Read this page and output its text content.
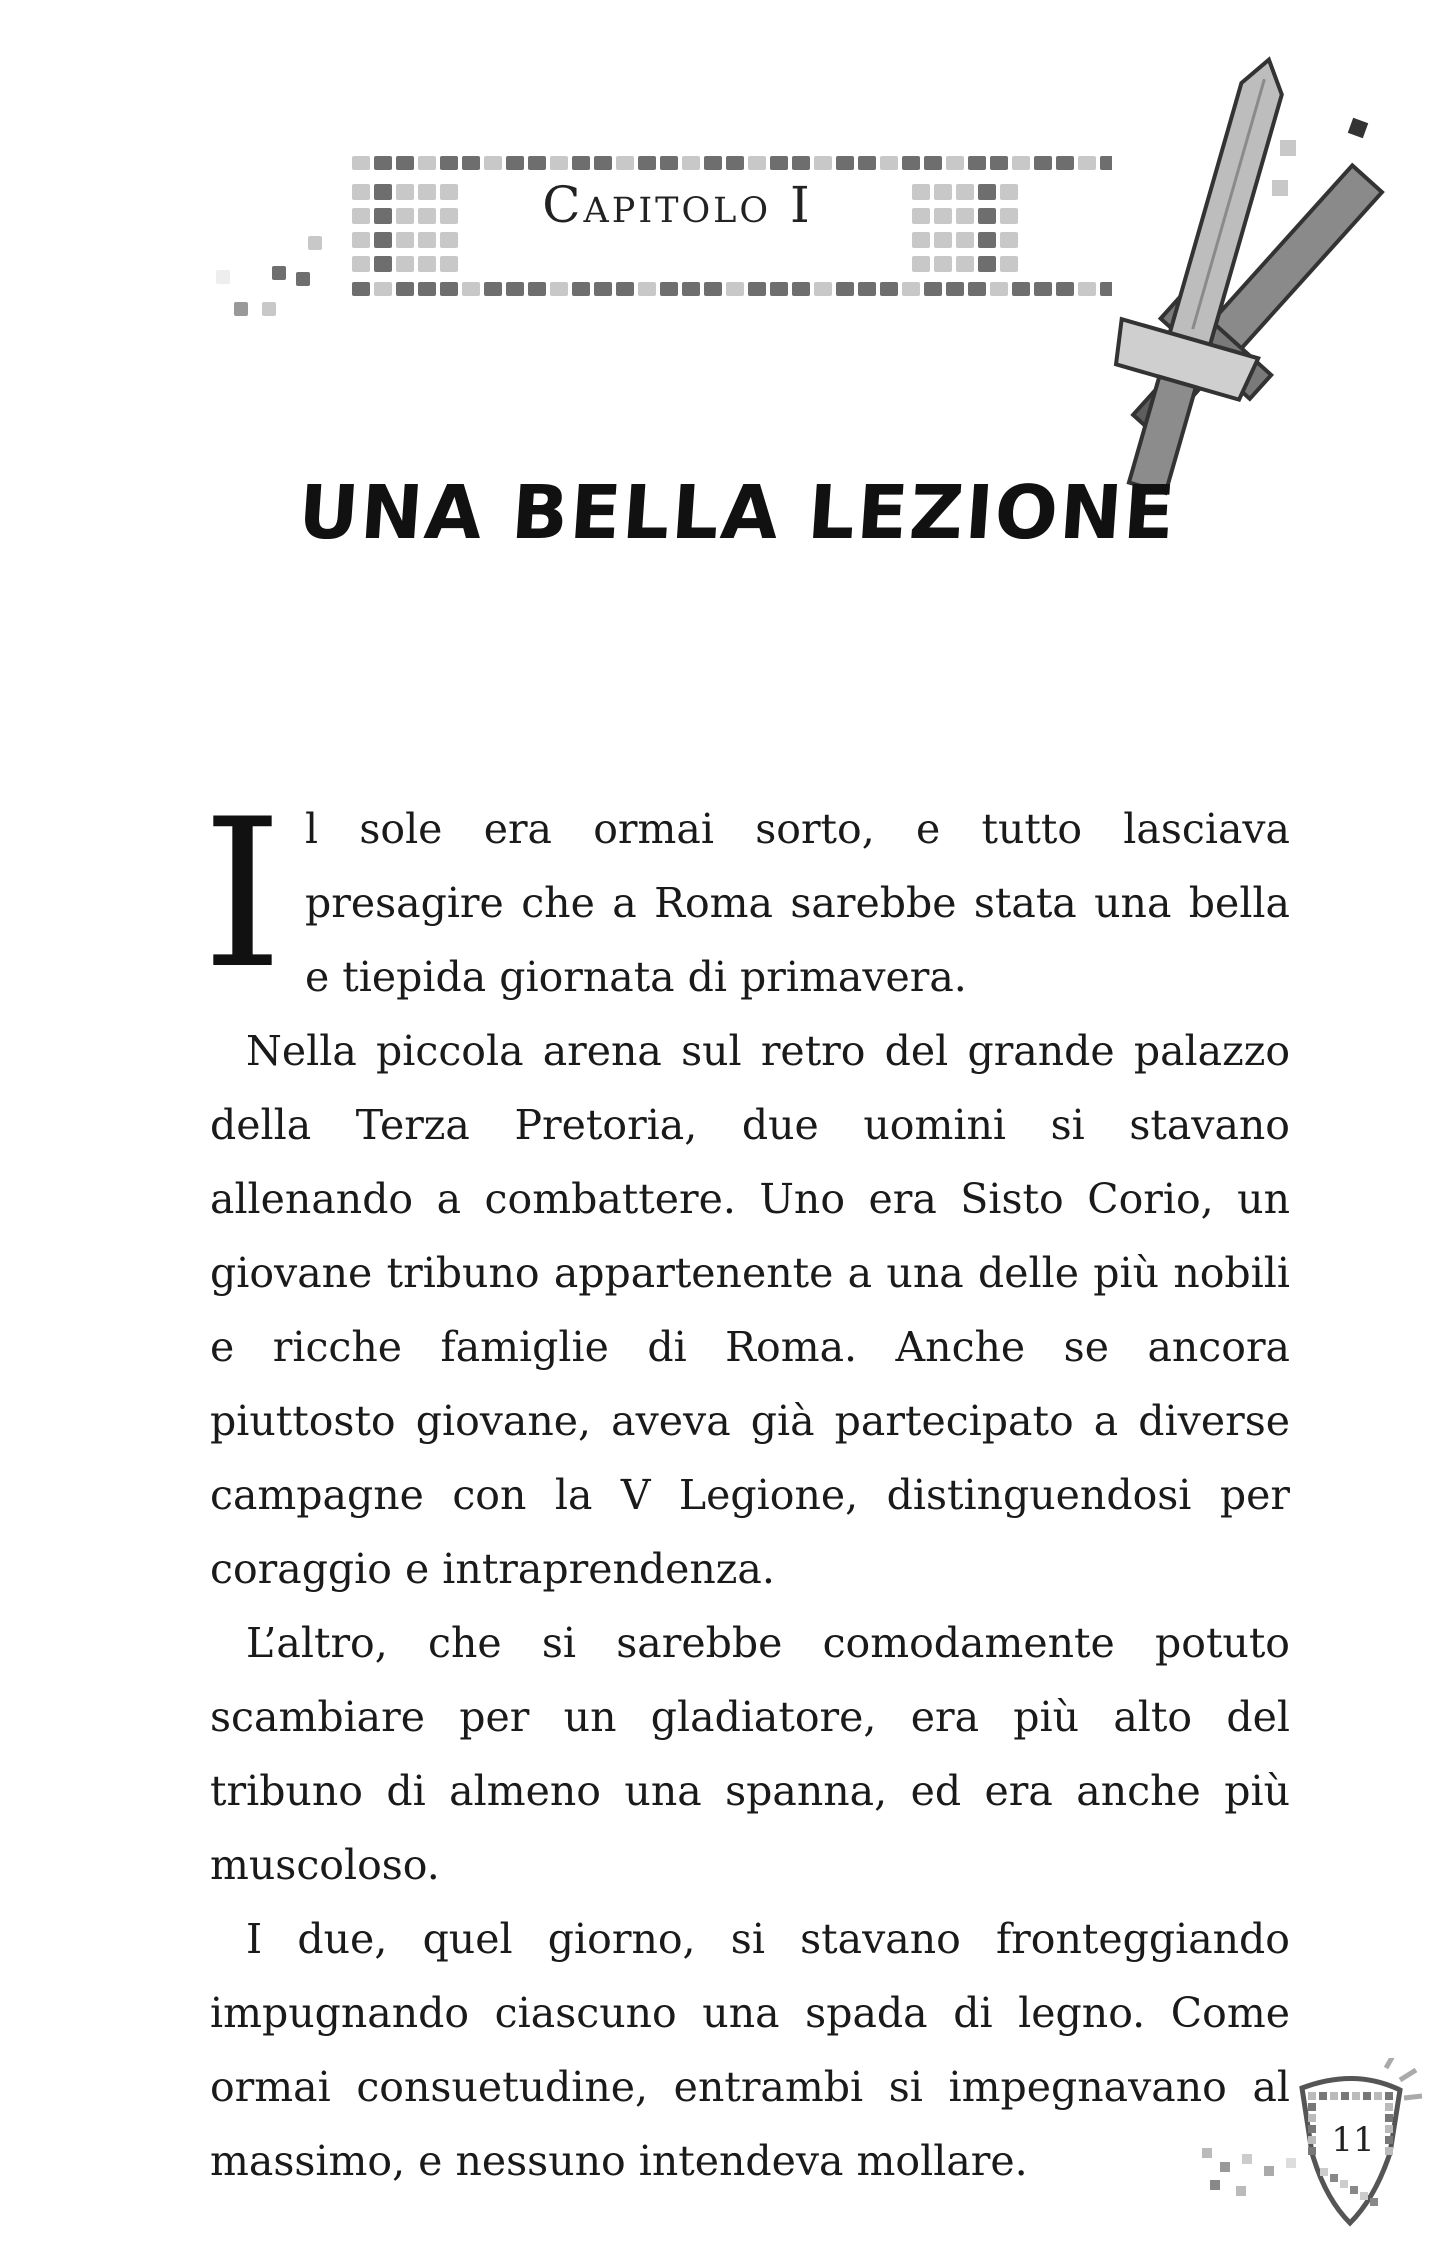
Capitolo I
UNA BELLA LEZIONE
I l sole era ormai sorto, e tutto lasciava presagire che a Roma sarebbe stata una bella e tiepida giornata di primavera.

Nella piccola arena sul retro del grande palazzo della Terza Pretoria, due uomini si stavano allenando a combattere. Uno era Sisto Corio, un giovane tribuno appartenente a una delle più nobili e ricche famiglie di Roma. Anche se ancora piuttosto giovane, aveva già partecipato a diverse campagne con la V Legione, distinguendosi per coraggio e intraprendenza.

L’altro, che si sarebbe comodamente potuto scambiare per un gladiatore, era più alto del tribuno di almeno una spanna, ed era anche più muscoloso.

I due, quel giorno, si stavano fronteggiando impugnando ciascuno una spada di legno. Come ormai consuetudine, entrambi si impegnavano al massimo, e nessuno intendeva mollare.	11
